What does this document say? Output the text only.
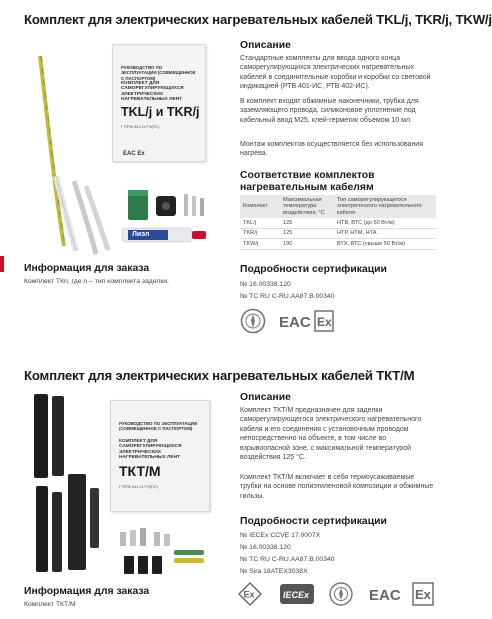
Комплект для электрических нагревательных кабелей TKL/j, TKR/j, TKW/j
РУКОВОДСТВО ПО ЭКСПЛУАТАЦИИ (СОВМЕЩЕННОЕ С ПАСПОРТОМ)
КОМПЛЕКТ ДЛЯ САМОРЕГУЛИРУЮЩИХСЯ ЭЛЕКТРИЧЕСКИХ НАГРЕВАТЕЛЬНЫХ ЛЕНТ
TKL/j и TKR/j
Г ПРЖ.541.11 РЭ(ПС)
EAC Ex
Лиэл
Описание
Стандартные комплекты для ввода одного конца саморегулирующихся электрических нагревательных кабелей в соединительные коробки и коробки со световой индикацией (РТВ 401-ИС, РТВ 402-ИС).
В комплект входят обжимные наконечники, трубка для заземляющего провода, силиконовое уплотнение под кабельный ввод М25, клей-герметик объемом 10 мл.
Монтаж комплектов осуществляется без использования нагрева.
Соответствие комплектов нагревательным кабелям
Комплект	Максимальная температура воздействия, °С	Тип саморегулирующегося электрического нагревательного кабеля
TKL/j	125	НТВ, ВТС (до 50 Вт/м)
TKR/j	125	НТР, НТМ, НТА
TKW/j	190	ВТХ, ВТС (свыше 50 Вт/м)
Информация для заказа
Комплект ТКn, где n – тип комплекта заделки.
Подробности сертификации
№ 16.00338.120
№ ТС RU C-RU.АА87.В.00340
EAC Ex
Комплект для электрических нагревательных кабелей ТКТ/М
РУКОВОДСТВО ПО ЭКСПЛУАТАЦИИ (СОВМЕЩЕННОЕ С ПАСПОРТОМ)
КОМПЛЕКТ ДЛЯ САМОРЕГУЛИРУЮЩИХСЯ ЭЛЕКТРИЧЕСКИХ НАГРЕВАТЕЛЬНЫХ ЛЕНТ
ТКТ/М
Г ПРЖ.541.14 РЭ(ПС)
Описание
Комплект ТКТ/М предназначен для заделки саморегулирующегося электрического нагревательного кабеля и его соединения с установочным проводом непосредственно на объекте, в том числе во взрывоопасной зоне, с максимальной температурой воздействия 125 °С.
Комплект ТКТ/М включает в себя термоусаживаемые трубки на основе полиэтиленовой композиции и обжимные гильзы.
Подробности сертификации
№ IECEx CCVE 17.0007X
№ 16.00338.120
№ ТС RU C-RU.АА87.В.00340
№ Sira 18ATEX3038X
Ex	IECEx	EAC Ex
Информация для заказа
Комплект ТКТ/М
